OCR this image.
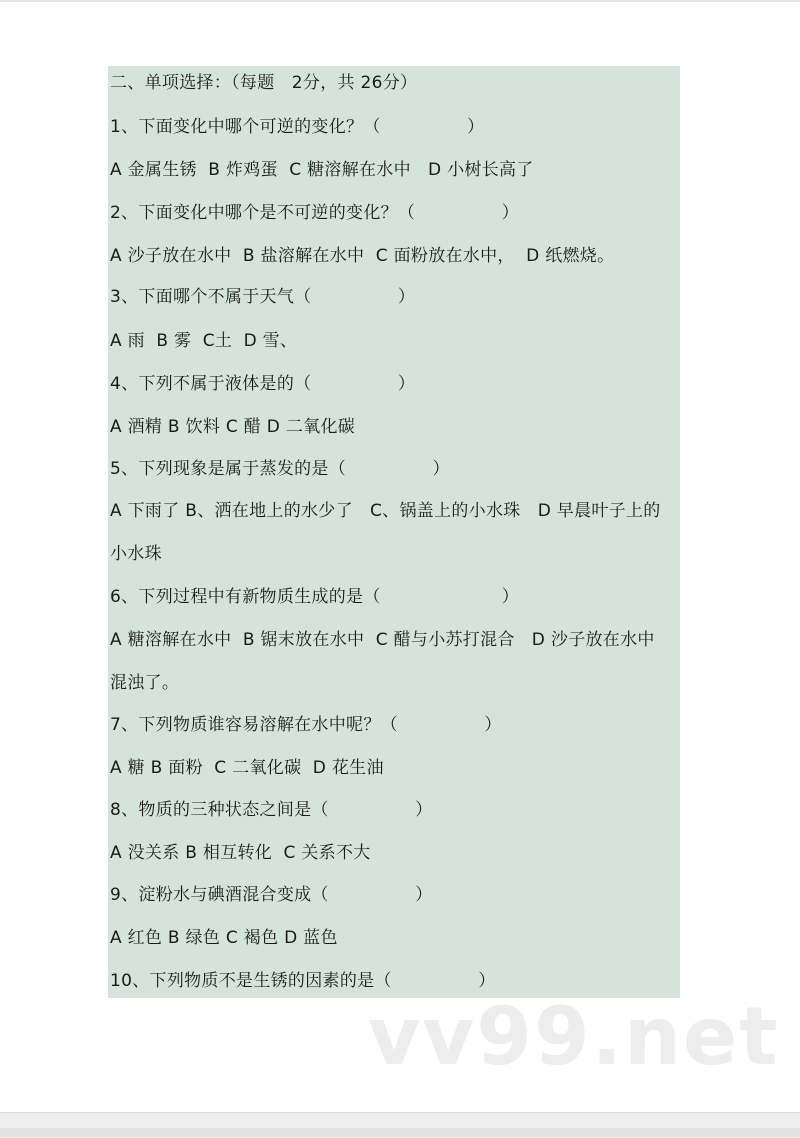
二、单项选择：（每题　2分，共 26分）
1、下面变化中哪个可逆的变化？（　　　　　）
A 金属生锈  B 炸鸡蛋  C 糖溶解在水中   D 小树长高了
2、下面变化中哪个是不可逆的变化？（　　　　　）
A 沙子放在水中  B 盐溶解在水中  C 面粉放在水中，  D 纸燃烧。
3、下面哪个不属于天气（　　　　　）
A 雨  B 雾  C土  D 雪、
4、下列不属于液体是的（　　　　　）
A 酒精 B 饮料 C 醋 D 二氧化碳
5、下列现象是属于蒸发的是（　　　　　）
A 下雨了 B、洒在地上的水少了   C、锅盖上的小水珠   D 早晨叶子上的
小水珠
6、下列过程中有新物质生成的是（　　　　　　　）
A 糖溶解在水中  B 锯末放在水中  C 醋与小苏打混合   D 沙子放在水中
混浊了。
7、下列物质谁容易溶解在水中呢？（　　　　　）
A 糖 B 面粉  C 二氧化碳  D 花生油
8、物质的三种状态之间是（　　　　　）
A 没关系 B 相互转化  C 关系不大
9、淀粉水与碘酒混合变成（　　　　　）
A 红色 B 绿色 C 褐色 D 蓝色
10、下列物质不是生锈的因素的是（　　　　　）
vv99.net
